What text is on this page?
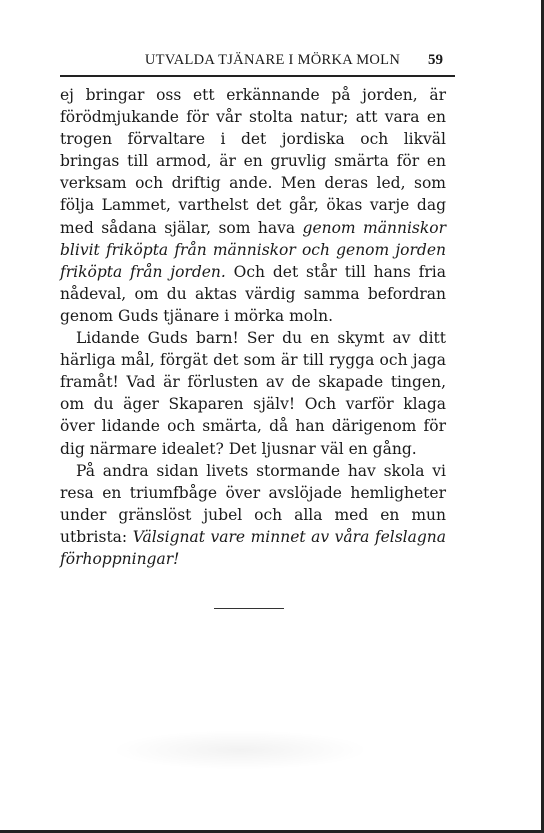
UTVALDA TJÄNARE I MÖRKA MOLN	59

ej bringar oss ett erkännande på jorden, är förödmjukande för vår stolta natur; att vara en trogen förvaltare i det jordiska och likväl bringas till armod, är en gruvlig smärta för en verksam och driftig ande. Men deras led, som följa Lammet, varthelst det går, ökas varje dag med sådana själar, som hava genom människor blivit friköpta från människor och genom jorden friköpta från jorden. Och det står till hans fria nådeval, om du aktas värdig samma befordran genom Guds tjänare i mörka moln.

Lidande Guds barn! Ser du en skymt av ditt härliga mål, förgät det som är till rygga och jaga framåt! Vad är förlusten av de skapade tingen, om du äger Skaparen själv! Och varför klaga över lidande och smärta, då han därigenom för dig närmare idealet? Det ljusnar väl en gång.

På andra sidan livets stormande hav skola vi resa en triumfbåge över avslöjade hemligheter under gränslöst jubel och alla med en mun utbrista: Välsignat vare minnet av våra felslagna förhoppningar!
